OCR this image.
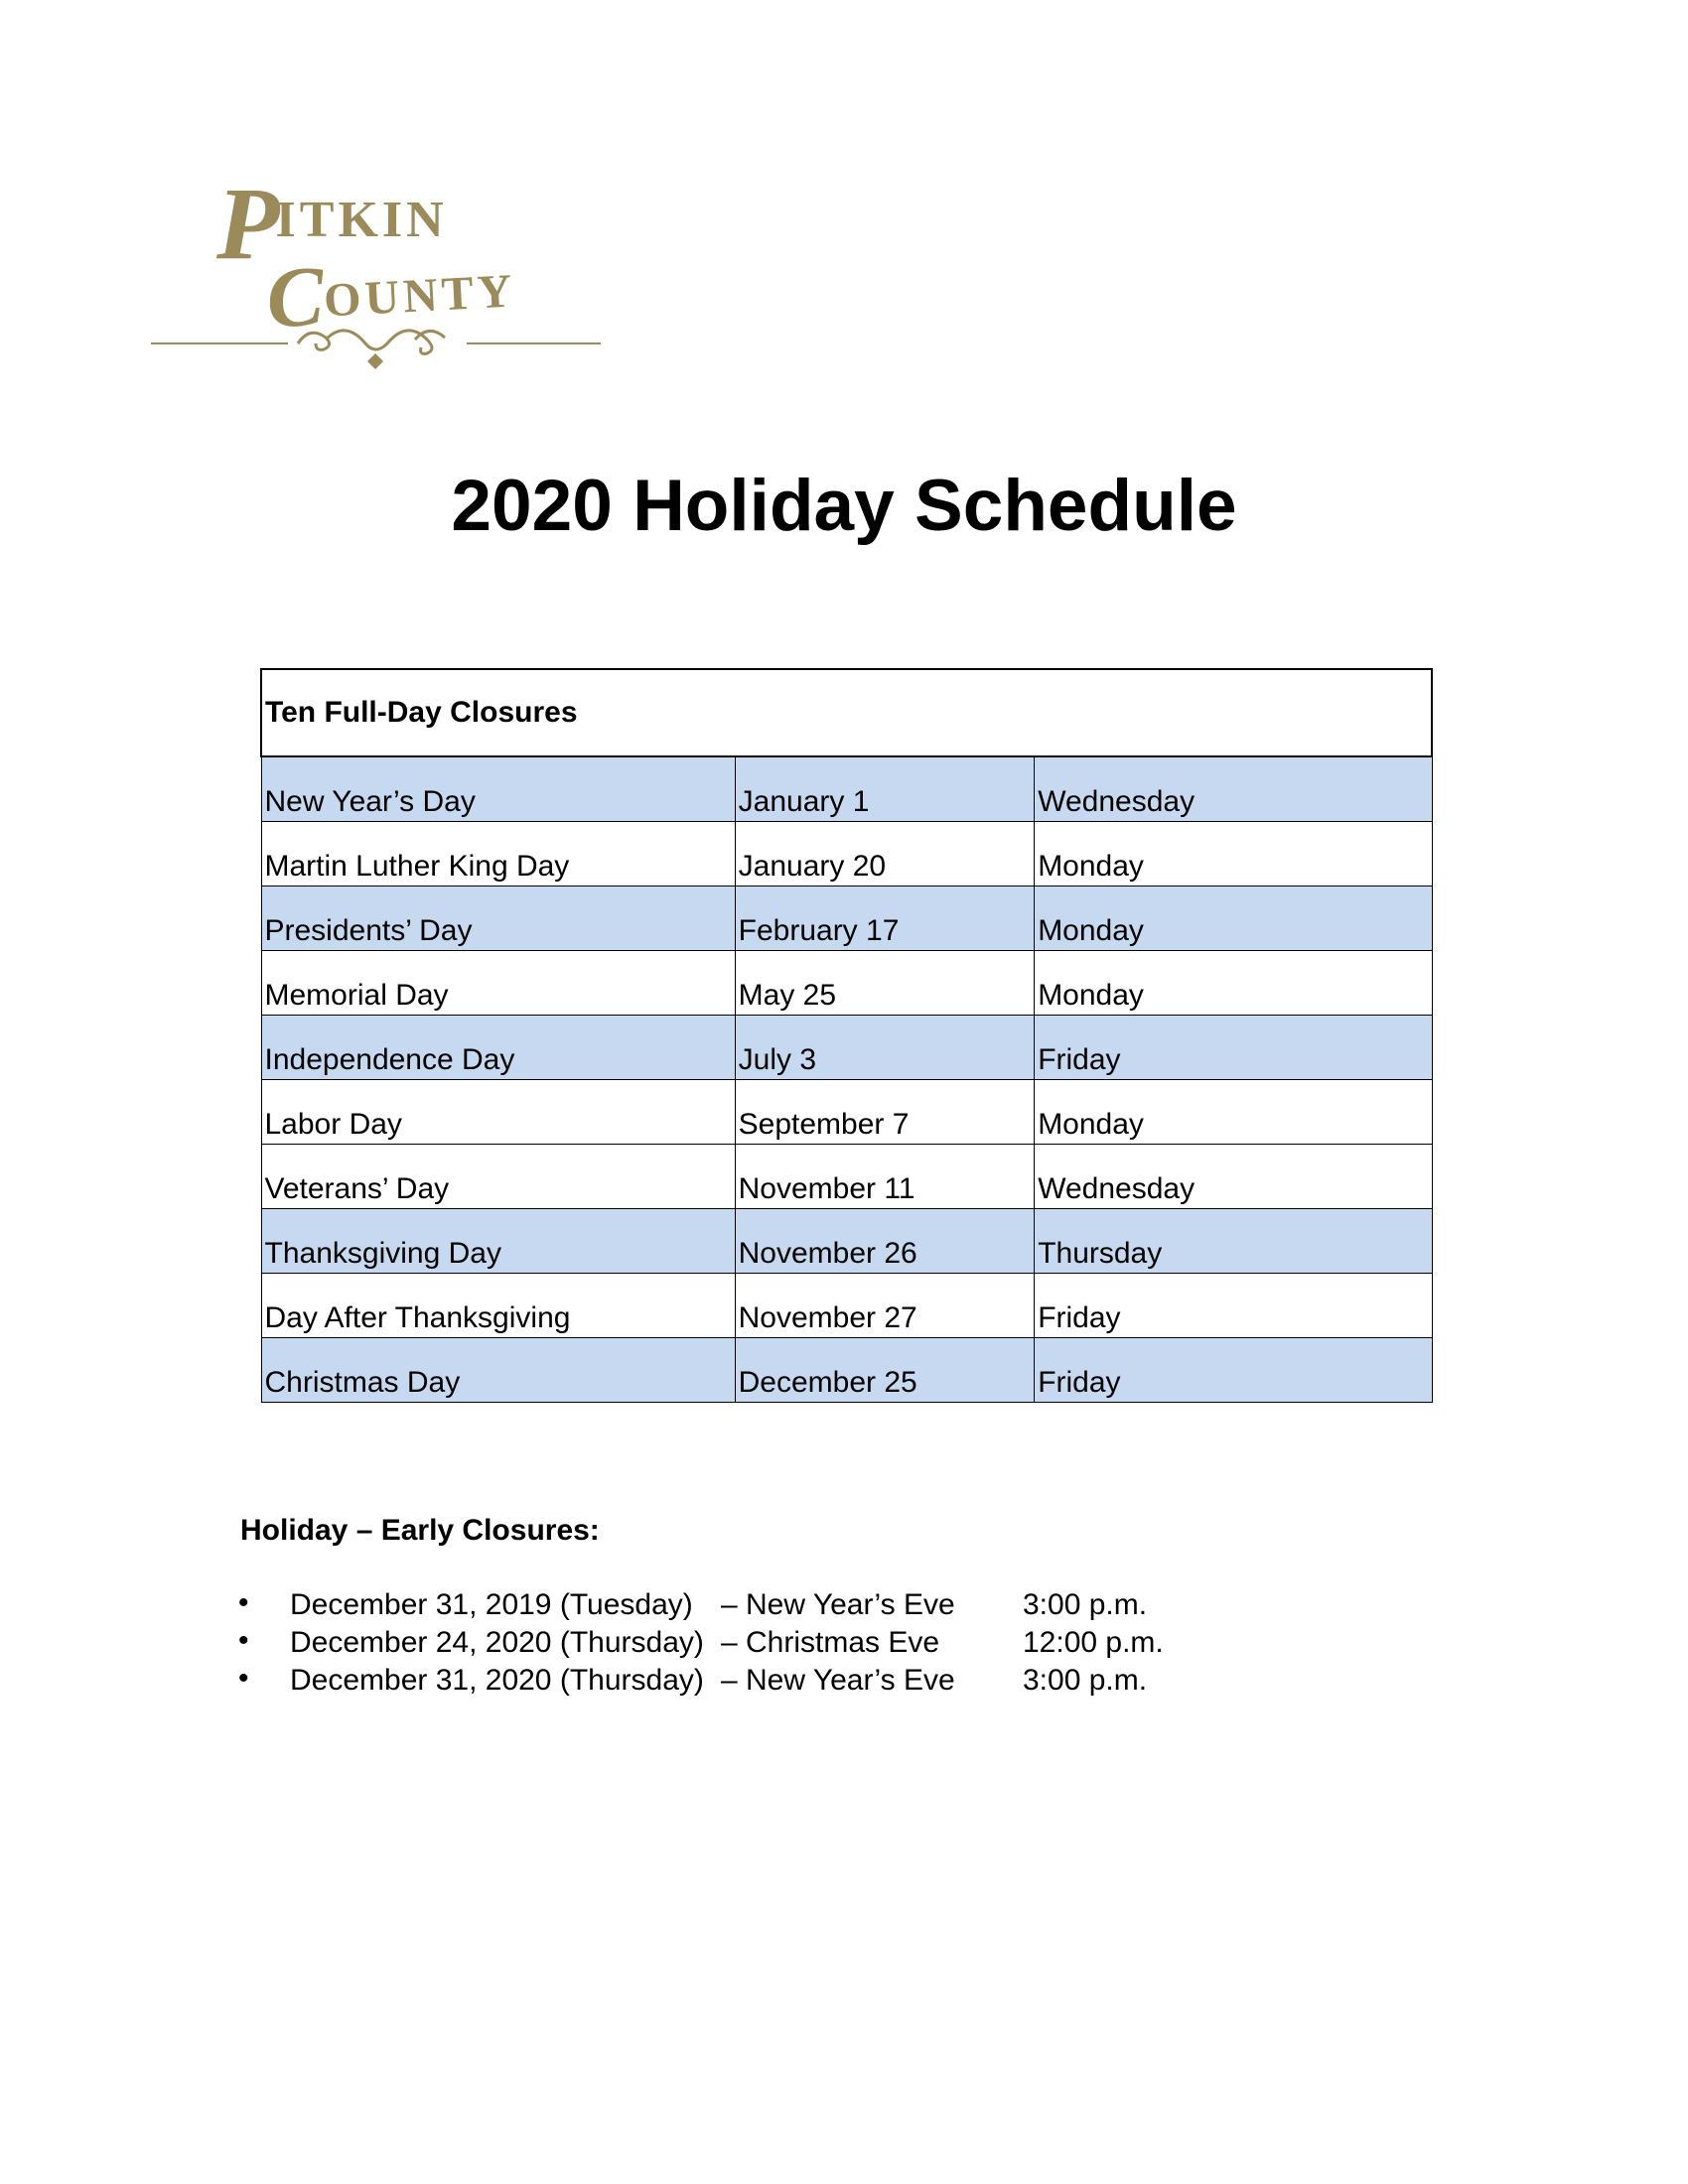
PITKIN
COUNTY
2020 Holiday Schedule
Ten Full-Day Closures		
New Year’s Day	January 1	Wednesday
Martin Luther King Day	January 20	Monday
Presidents’ Day	February 17	Monday
Memorial Day	May 25	Monday
Independence Day	July 3	Friday
Labor Day	September 7	Monday
Veterans’ Day	November 11	Wednesday
Thanksgiving Day	November 26	Thursday
Day After Thanksgiving	November 27	Friday
Christmas Day	December 25	Friday
Holiday – Early Closures:
• December 31, 2019 (Tuesday) – New Year’s Eve 3:00 p.m.
• December 24, 2020 (Thursday) – Christmas Eve	12:00 p.m.
• December 31, 2020 (Thursday) – New Year’s Eve 3:00 p.m.
